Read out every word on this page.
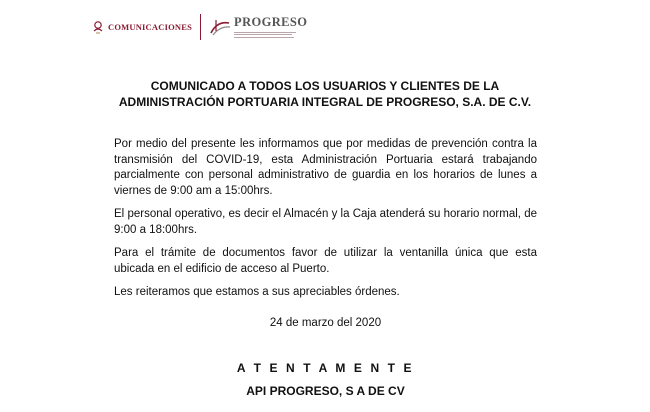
COMUNICACIONES	PROGRESO
COMUNICADO A TODOS LOS USUARIOS Y CLIENTES DE LA
ADMINISTRACIÓN PORTUARIA INTEGRAL DE PROGRESO, S.A. DE C.V.

Por medio del presente les informamos que por medidas de prevención contra la transmisión del COVID-19, esta Administración Portuaria estará trabajando parcialmente con personal administrativo de guardia en los horarios de lunes a viernes de 9:00 am a 15:00hrs.

El personal operativo, es decir el Almacén y la Caja atenderá su horario normal, de 9:00 a 18:00hrs.

Para el trámite de documentos favor de utilizar la ventanilla única que esta ubicada en el edificio de acceso al Puerto.

Les reiteramos que estamos a sus apreciables órdenes.

24 de marzo del 2020
A T E N T A M E N T E
API PROGRESO, S A DE CV
